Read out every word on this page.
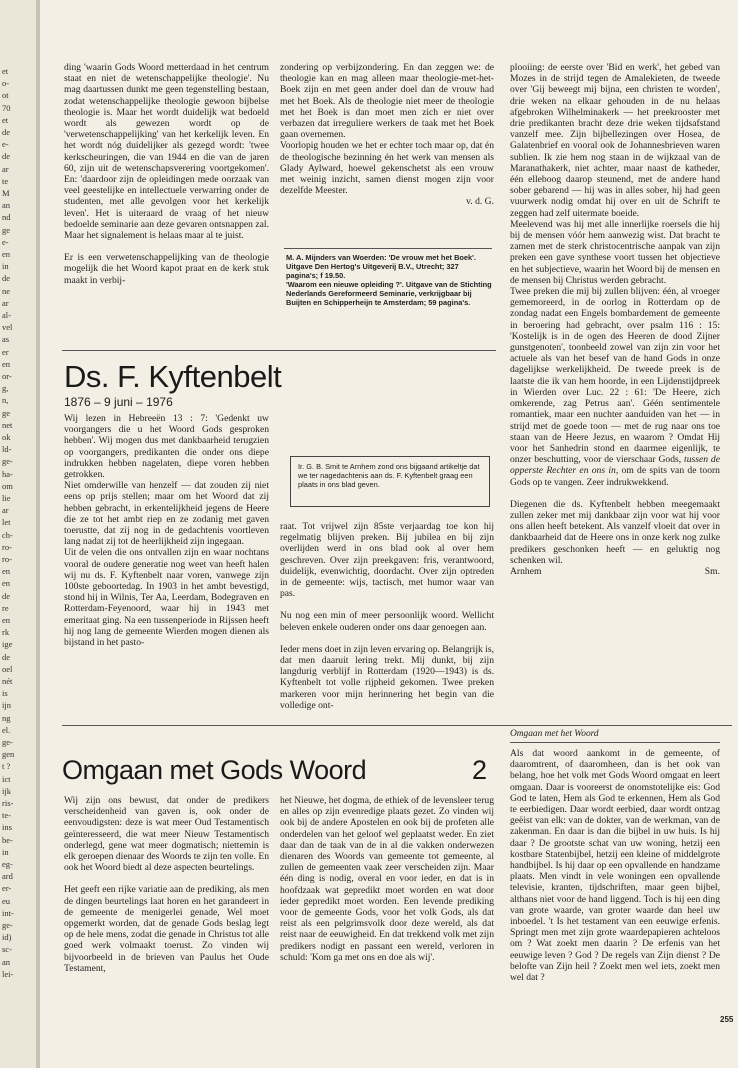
et
o-
ot
70
et
de
e-
de
ar
te
M
an
nd
ge
e-
en
in
de
ne
ar
al-
vel
as
er
en
or-
g,
n,
ge
net
ok
ld-
ge-
ha-
om
lie
ar
let
ch-
ro-
ro-
en
en
de
re
en
rk
ige
de
oel
nét
is
ijn
ng
el.
ge-
gen
t ?
ict
ijk
ris-
te-
ins
be-
in
eg-
ard
er-
eu
int-
ge-
id)
sc-
an
lei-

ding 'waarin Gods Woord metterdaad in het centrum staat en niet de wetenschappelijke theologie'. Nu mag daartussen dunkt me geen tegenstelling bestaan, zodat wetenschappelijke theologie gewoon bijbelse theologie is. Maar het wordt duidelijk wat bedoeld wordt als gewezen wordt op de 'verwetenschappelijking' van het kerkelijk leven. En het wordt nóg duidelijker als gezegd wordt: 'twee kerkscheuringen, die van 1944 en die van de jaren 60, zijn uit de wetenschapsverering voortgekomen'. En: 'daardoor zijn de opleidingen mede oorzaak van veel geestelijke en intellectuele verwarring onder de studenten, met alle gevolgen voor het kerkelijk leven'. Het is uiteraard de vraag of het nieuw bedoelde seminarie aan deze gevaren ontsnappen zal. Maar het signalement is helaas maar al te juist.

Er is een verwetenschappelijking van de theologie mogelijk die het Woord kapot praat en de kerk stuk maakt in verbij-

zondering op verbijzondering. En dan zeggen we: de theologie kan en mag alleen maar theologie-met-het-Boek zijn en met geen ander doel dan de vrouw had met het Boek. Als de theologie niet meer de theologie met het Boek is dan moet men zich er niet over verbazen dat irreguliere werkers de taak met het Boek gaan overnemen.

Voorlopig houden we het er echter toch maar op, dat én de theologische bezinning én het werk van mensen als Glady Aylward, hoewel gekenschetst als een vrouw met weinig inzicht, samen dienst mogen zijn voor dezelfde Meester.

v. d. G.
M. A. Mijnders van Woerden: 'De vrouw met het Boek'. Uitgave Den Hertog's Uitgeverij B.V., Utrecht; 327 pagina's; f 19.50.
'Waarom een nieuwe opleiding ?'. Uitgave van de Stichting Nederlands Gereformeerd Seminarie, verkrijgbaar bij Buijten en Schipperheijn te Amsterdam; 59 pagina's.

plooiing: de eerste over 'Bid en werk', het gebed van Mozes in de strijd tegen de Amalekieten, de tweede over 'Gij beweegt mij bijna, een christen te worden', drie weken na elkaar gehouden in de nu helaas afgebroken Wilhelminakerk — het preekrooster met drie predikanten bracht deze drie weken tijdsafstand vanzelf mee. Zijn bijbellezingen over Hosea, de Galatenbrief en vooral ook de Johannesbrieven waren sublien. Ik zie hem nog staan in de wijkzaal van de Maranathakerk, niet achter, maar naast de katheder, één elleboog daarop steunend, met de andere hand sober gebarend — hij was in alles sober, hij had geen vuurwerk nodig omdat hij over en uit de Schrift te zeggen had zelf uitermate boeide.

Meelevend was hij met alle innerlijke roersels die hij bij de mensen vóór hem aanwezig wist. Dat bracht te zamen met de sterk christocentrische aanpak van zijn preken een gave synthese voort tussen het objectieve en het subjectieve, waarin het Woord bij de mensen en de mensen bij Christus werden gebracht.

Twee preken die mij bij zullen blijven: één, al vroeger gememoreerd, in de oorlog in Rotterdam op de zondag nadat een Engels bombardement de gemeente in beroering had gebracht, over psalm 116 : 15: 'Kostelijk is in de ogen des Heeren de dood Zijner gunstgenoten', toonbeeld zowel van zijn zin voor het actuele als van het besef van de hand Gods in onze dagelijkse werkelijkheid. De tweede preek is de laatste die ik van hem hoorde, in een Lijdenstijdpreek in Wierden over Luc. 22 : 61: 'De Heere, zich omkerende, zag Petrus aan'. Géén sentimentele romantiek, maar een nuchter aanduiden van het — in strijd met de goede toon — met de rug naar ons toe staan van de Heere Jezus, en waarom ? Omdat Hij voor het Sanhedrin stond en daarmee eigenlijk, te onzer beschutting, voor de vierschaar Gods, tussen de opperste Rechter en ons in, om de spits van de toorn Gods op te vangen. Zeer indrukwekkend.

Diegenen die ds. Kyftenbelt hebben meegemaakt zullen zeker met mij dankbaar zijn voor wat hij voor ons allen heeft betekent. Als vanzelf vloeit dat over in dankbaarheid dat de Heere ons in onze kerk nog zulke predikers geschonken heeft — en geluktig nog schenken wil.

Arnhem	Sm.
Ds. F. Kyftenbelt
1876 – 9 juni – 1976

Wij lezen in Hebreeën 13 : 7: 'Gedenkt uw voorgangers die u het Woord Gods gesproken hebben'. Wij mogen dus met dankbaarheid terugzien op voorgangers, predikanten die onder ons diepe indrukken hebben nagelaten, diepe voren hebben getrokken.

Niet omderwille van henzelf — dat zouden zij niet eens op prijs stellen; maar om het Woord dat zij hebben gebracht, in erkentelijkheid jegens de Heere die ze tot het ambt riep en ze zodanig met gaven toerustte, dat zij nog in de gedachtenis voortleven lang nadat zij tot de heerlijkheid zijn ingegaan.

Uit de velen die ons ontvallen zijn en waar nochtans vooral de oudere generatie nog weet van heeft halen wij nu ds. F. Kyftenbelt naar voren, vanwege zijn 100ste geboortedag. In 1903 in het ambt bevestigd, stond hij in Wilnis, Ter Aa, Leerdam, Bodegraven en Rotterdam-Feyenoord, waar hij in 1943 met emeritaat ging. Na een tussenperiode in Rijssen heeft hij nog lang de gemeente Wierden mogen dienen als bijstand in het pasto-

Ir. G. B. Smit te Arnhem zond ons bijgaand artikeltje dat we ter nagedachtenis aan ds. F. Kyftenbelt graag een plaats in ons blad geven.

raat. Tot vrijwel zijn 85ste verjaardag toe kon hij regelmatig blijven preken. Bij jubilea en bij zijn overlijden werd in ons blad ook al over hem geschreven. Over zijn preekgaven: fris, verantwoord, duidelijk, evenwichtig, doordacht. Over zijn optreden in de gemeente: wijs, tactisch, met humor waar van pas.

Nu nog een min of meer persoonlijk woord. Wellicht beleven enkele ouderen onder ons daar genoegen aan.

Ieder mens doet in zijn leven ervaring op. Belangrijk is, dat men daaruit lering trekt. Mij dunkt, bij zijn langdurig verblijf in Rotterdam (1920—1943) is ds. Kyftenbelt tot volle rijpheid gekomen. Twee preken markeren voor mijn herinnering het begin van die volledige ont-

Omgaan met het Woord
Omgaan met Gods Woord	2

Wij zijn ons bewust, dat onder de predikers verscheidenheid van gaven is, ook onder de eenvoudigsten: deze is wat meer Oud Testamentisch geïnteresseerd, die wat meer Nieuw Testamentisch onderlegd, gene wat meer dogmatisch; niettemin is elk geroepen dienaar des Woords te zijn ten volle. En ook het Woord biedt al deze aspecten beurtelings.

Het geeft een rijke variatie aan de prediking, als men de dingen beurtelings laat horen en het garandeert in de gemeente de menigerlei genade, Wel moet opgemerkt worden, dat de genade Gods beslag legt op de hele mens, zodat die genade in Christus tot alle goed werk volmaakt toerust. Zo vinden wij bijvoorbeeld in de brieven van Paulus het Oude Testament,

het Nieuwe, het dogma, de ethiek of de levensleer terug en alles op zijn evenredige plaats gezet. Zo vinden wij ook bij de andere Apostelen en ook bij de profeten alle onderdelen van het geloof wel geplaatst weder. En ziet daar dan de taak van de in al die vakken onderwezen dienaren des Woords van gemeente tot gemeente, al zullen de gemeenten vaak zeer verscheiden zijn. Maar één ding is nodig, overal en voor ieder, en dat is in hoofdzaak wat gepredikt moet worden en wat door ieder gepredikt moet worden. Een levende prediking voor de gemeente Gods, voor het volk Gods, als dat reist als een pelgrimsvolk door deze wereld, als dat reist naar de eeuwigheid. En dat trekkend volk met zijn predikers nodigt en passant een wereld, verloren in schuld: 'Kom ga met ons en doe als wij'.

Als dat woord aankomt in de gemeente, of daaromtrent, of daaromheen, dan is het ook van belang, hoe het volk met Gods Woord omgaat en leert omgaan. Daar is vooreerst de onomstotelijke eis: God God te laten, Hem als God te erkennen, Hem als God te eerbiedigen. Daar wordt eerbied, daar wordt ontzag geëist van elk: van de dokter, van de werkman, van de zakenman. En daar is dan die bijbel in uw huis. Is hij daar ? De grootste schat van uw woning, hetzij een kostbare Statenbijbel, hetzij een kleine of middelgrote handbijbel. Is hij daar op een opvallende en handzame plaats. Men vindt in vele woningen een opvallende televisie, kranten, tijdschriften, maar geen bijbel, althans niet voor de hand liggend. Toch is hij een ding van grote waarde, van groter waarde dan heel uw inboedel. 't Is het testament van een eeuwige erfenis. Springt men met zijn grote waardepapieren achteloos om ? Wat zoekt men daarin ? De erfenis van het eeuwige leven ? God ? De regels van Zijn dienst ? De belofte van Zijn heil ? Zoekt men wel iets, zoekt men wel dat ?

255
